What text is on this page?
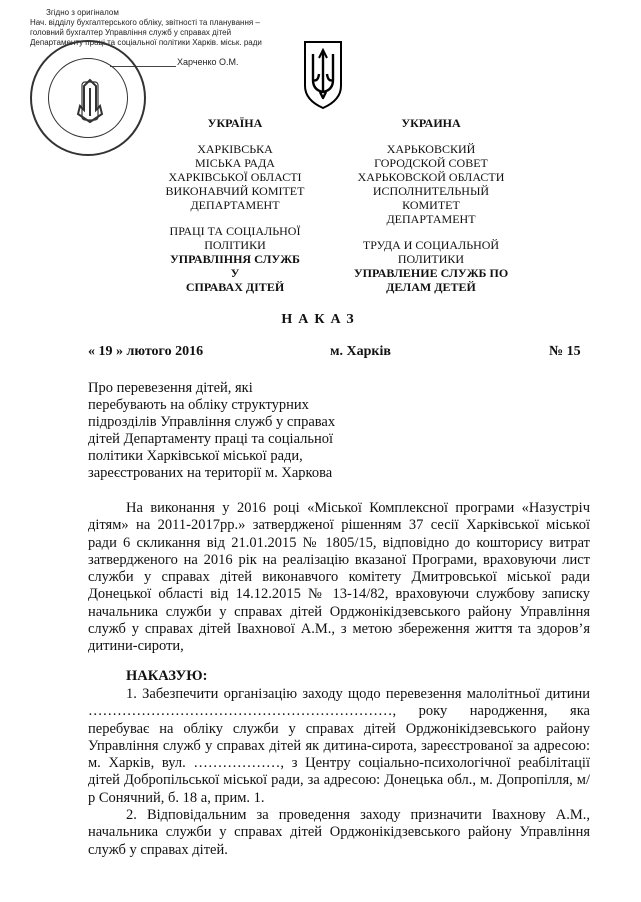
Згідно з оригіналом
Нач. відділу бухгалтерського обліку, звітності та планування –
головний бухгалтер Управління служб у справах дітей
Департаменту праці та соціальної політики Харків. міськ. ради
Харченко О.М.
УКРАЇНА
ХАРКІВСЬКА
МІСЬКА РАДА
ХАРКІВСЬКОЇ ОБЛАСТІ
ВИКОНАВЧИЙ КОМІТЕТ
ДЕПАРТАМЕНТ
ПРАЦІ ТА СОЦІАЛЬНОЇ
ПОЛІТИКИ
УПРАВЛІННЯ СЛУЖБ У
СПРАВАХ ДІТЕЙ
УКРАИНА
ХАРЬКОВСКИЙ
ГОРОДСКОЙ СОВЕТ
ХАРЬКОВСКОЙ ОБЛАСТИ
ИСПОЛНИТЕЛЬНЫЙ КОМИТЕТ
ДЕПАРТАМЕНТ
ТРУДА И СОЦИАЛЬНОЙ
ПОЛИТИКИ
УПРАВЛЕНИЕ СЛУЖБ ПО
ДЕЛАМ ДЕТЕЙ
НАКАЗ
« 19 » лютого 2016	м. Харків	№ 15
Про перевезення дітей, які
перебувають на обліку структурних
підрозділів Управління служб у справах
дітей Департаменту праці та соціальної
політики Харківської міської ради,
зареєстрованих на території м. Харкова

На виконання у 2016 році «Міської Комплексної програми «Назустріч дітям» на 2011-2017рр.» затвердженої рішенням 37 сесії Харківської міської ради 6 скликання від 21.01.2015 № 1805/15, відповідно до кошторису витрат затвердженого на 2016 рік на реалізацію вказаної Програми, враховуючи лист служби у справах дітей виконавчого комітету Дмитровської міської ради Донецької області від 14.12.2015 № 13-14/82, враховуючи службову записку начальника служби у справах дітей Орджонікідзевського району Управління служб у справах дітей Івахнової А.М., з метою збереження життя та здоров’я дитини-сироти,

НАКАЗУЮ:

1. Забезпечити організацію заходу щодо перевезення малолітньої дитини ………………………………………………………, року народження, яка перебуває на обліку служби у справах дітей Орджонікідзевського району Управління служб у справах дітей як дитина-сирота, зареєстрованої за адресою: м. Харків, вул. ………………, з Центру соціально-психологічної реабілітації дітей Добропільської міської ради, за адресою: Донецька обл., м. Допропілля, м/р Сонячний, б. 18 а, прим. 1.

2. Відповідальним за проведення заходу призначити Івахнову А.М., начальника служби у справах дітей Орджонікідзевського району Управління служб у справах дітей.
